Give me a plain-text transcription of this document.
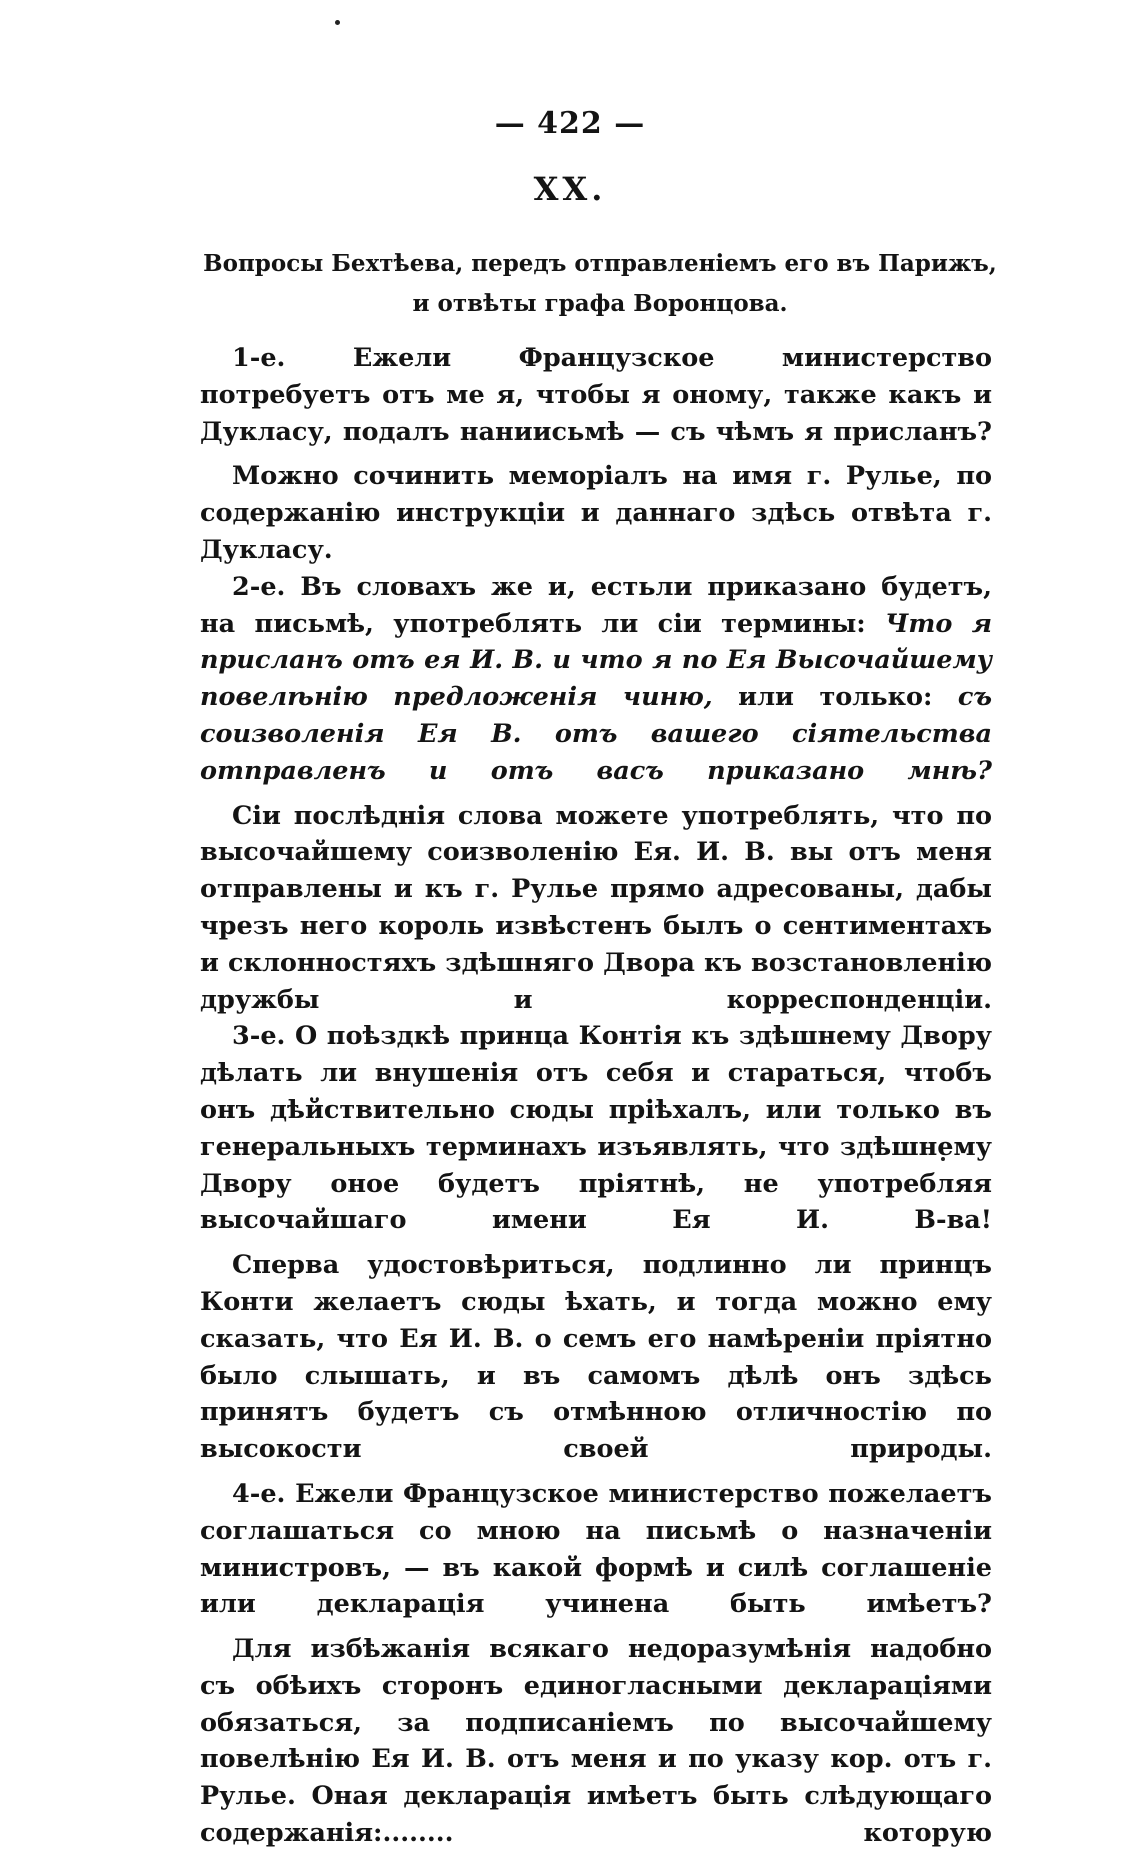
— 422 —
XX.
Вопросы Бехтѣева, передъ отправленіемъ его въ Парижъ, и отвѣты графа Воронцова.

1-е. Ежели Французское министерство потребуетъ отъ ме я, чтобы я оному, также какъ и Дукласу, подалъ наниисьмѣ — съ чѣмъ я присланъ?

Можно сочинить меморіалъ на имя г. Рулье, по содержанію инструкціи и даннаго здѣсь отвѣта г. Дукласу.

2-е. Въ словахъ же и, естьли приказано будетъ, на письмѣ, употреблять ли сіи термины: Что я присланъ отъ ея И. В. и что я по Ея Высочайшему повелѣнію предложенія чиню, или только: съ соизволенія Ея В. отъ вашего сіятельства отправленъ и отъ васъ приказано мнѣ?

Сіи послѣднія слова можете употреблять, что по высочайшему соизволенію Ея. И. В. вы отъ меня отправлены и къ г. Рулье прямо адресованы, дабы чрезъ него король извѣстенъ былъ о сентиментахъ и склонностяхъ здѣшняго Двора къ возстановленію дружбы и корреспонденціи.

3-е. О поѣздкѣ принца Контія къ здѣшнему Двору дѣлать ли внушенія отъ себя и стараться, чтобъ онъ дѣйствительно сюды пріѣхалъ, или только въ генеральныхъ терминахъ изъявлять, что здѣшнему Двору оное будетъ пріятнѣ, не употребляя высочайшаго имени Ея И. В-ва!

Сперва удостовѣриться, подлинно ли принцъ Конти желаетъ сюды ѣхать, и тогда можно ему сказать, что Ея И. В. о семъ его намѣреніи пріятно было слышать, и въ самомъ дѣлѣ онъ здѣсь принятъ будетъ съ отмѣнною отличностію по высокости своей природы.

4-е. Ежели Французское министерство пожелаетъ соглашаться со мною на письмѣ о назначеніи министровъ, — въ какой формѣ и силѣ соглашеніе или декларація учинена быть имѣетъ?

Для избѣжанія всякаго недоразумѣнія надобно съ обѣихъ сторонъ единогласными деклараціями обязаться, за подписаніемъ по высочайшему повелѣнію Ея И. В. отъ меня и по указу кор. отъ г. Рулье. Оная декларація имѣетъ быть слѣдующаго содержанія:........ которую
